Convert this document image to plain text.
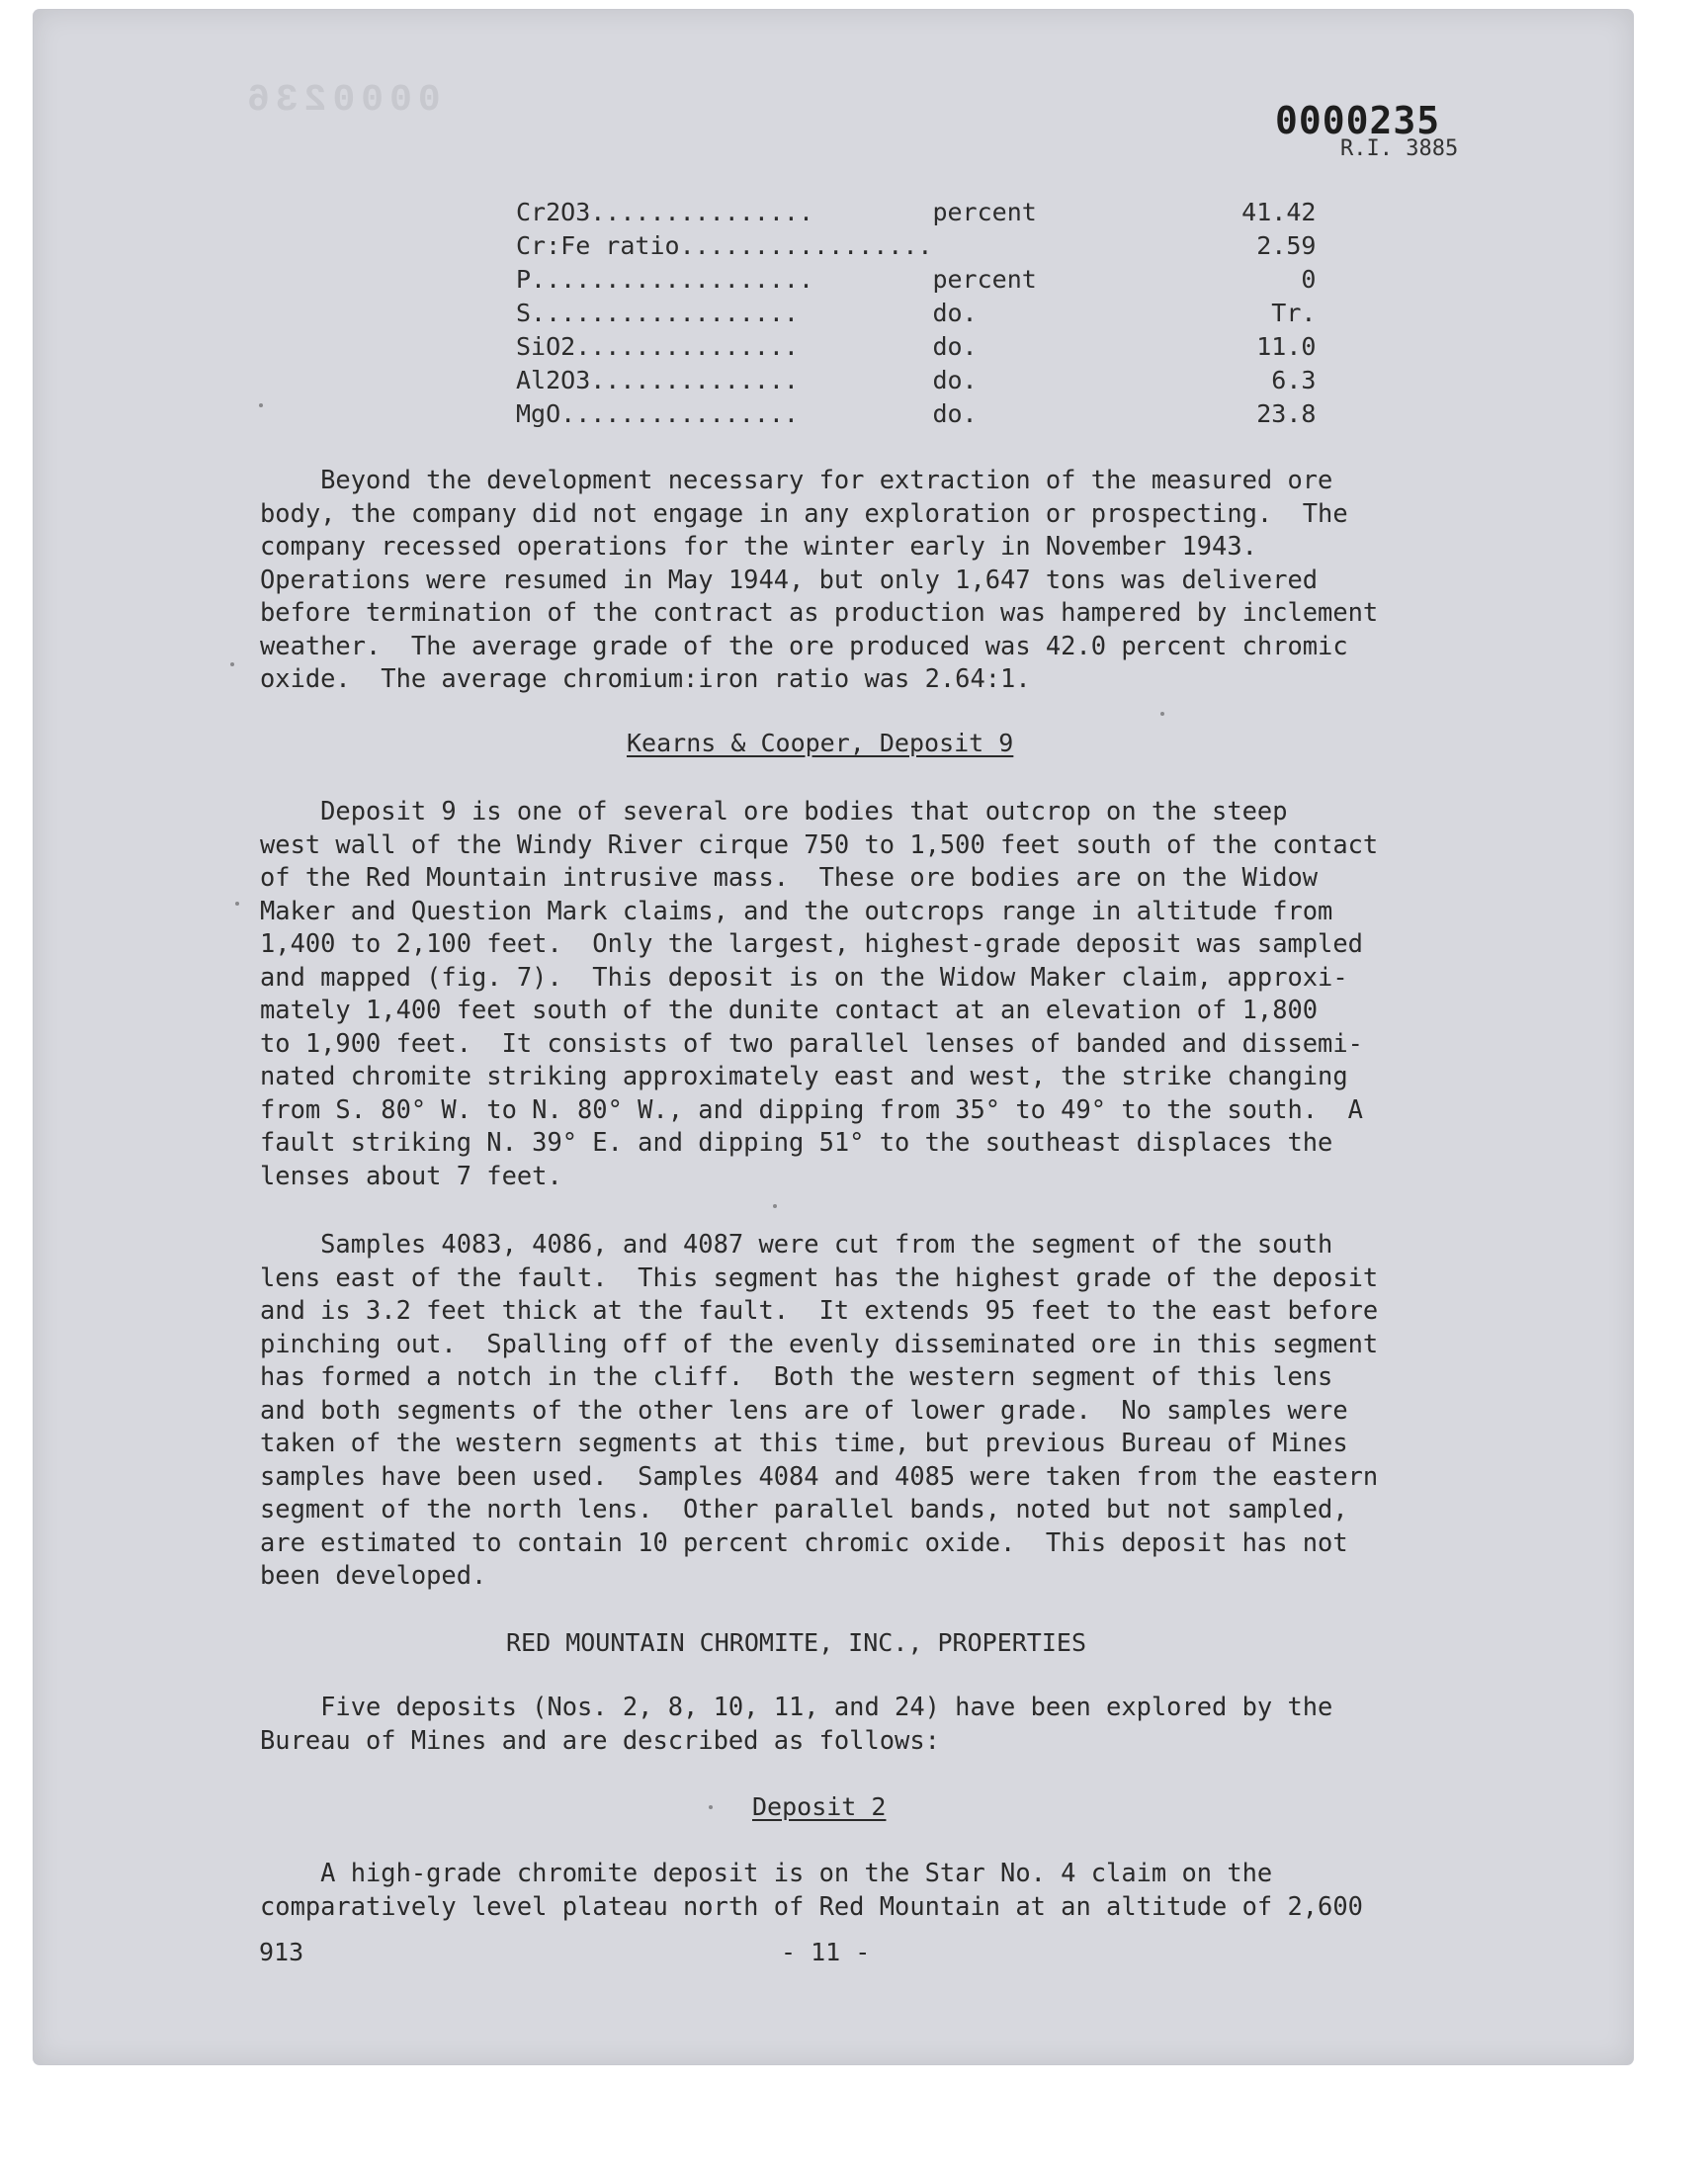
0000236	0000235
R.I. 3885
Cr2O3...............	percent	41.42
Cr:Fe ratio.................		2.59
P...................	percent	0
S..................	do.	Tr.
SiO2...............	do.	11.0
Al2O3..............	do.	6.3
MgO................	do.	23.8
Beyond the development necessary for extraction of the measured ore
body, the company did not engage in any exploration or prospecting.  The
company recessed operations for the winter early in November 1943.
Operations were resumed in May 1944, but only 1,647 tons was delivered
before termination of the contract as production was hampered by inclement
weather.  The average grade of the ore produced was 42.0 percent chromic
oxide.  The average chromium:iron ratio was 2.64:1.
Kearns & Cooper, Deposit 9
Deposit 9 is one of several ore bodies that outcrop on the steep
west wall of the Windy River cirque 750 to 1,500 feet south of the contact
of the Red Mountain intrusive mass.  These ore bodies are on the Widow
Maker and Question Mark claims, and the outcrops range in altitude from
1,400 to 2,100 feet.  Only the largest, highest-grade deposit was sampled
and mapped (fig. 7).  This deposit is on the Widow Maker claim, approxi-
mately 1,400 feet south of the dunite contact at an elevation of 1,800
to 1,900 feet.  It consists of two parallel lenses of banded and dissemi-
nated chromite striking approximately east and west, the strike changing
from S. 80° W. to N. 80° W., and dipping from 35° to 49° to the south.  A
fault striking N. 39° E. and dipping 51° to the southeast displaces the
lenses about 7 feet.
Samples 4083, 4086, and 4087 were cut from the segment of the south
lens east of the fault.  This segment has the highest grade of the deposit
and is 3.2 feet thick at the fault.  It extends 95 feet to the east before
pinching out.  Spalling off of the evenly disseminated ore in this segment
has formed a notch in the cliff.  Both the western segment of this lens
and both segments of the other lens are of lower grade.  No samples were
taken of the western segments at this time, but previous Bureau of Mines
samples have been used.  Samples 4084 and 4085 were taken from the eastern
segment of the north lens.  Other parallel bands, noted but not sampled,
are estimated to contain 10 percent chromic oxide.  This deposit has not
been developed.
RED MOUNTAIN CHROMITE, INC., PROPERTIES
Five deposits (Nos. 2, 8, 10, 11, and 24) have been explored by the
Bureau of Mines and are described as follows:
Deposit 2
A high-grade chromite deposit is on the Star No. 4 claim on the
comparatively level plateau north of Red Mountain at an altitude of 2,600
913	- 11 -
